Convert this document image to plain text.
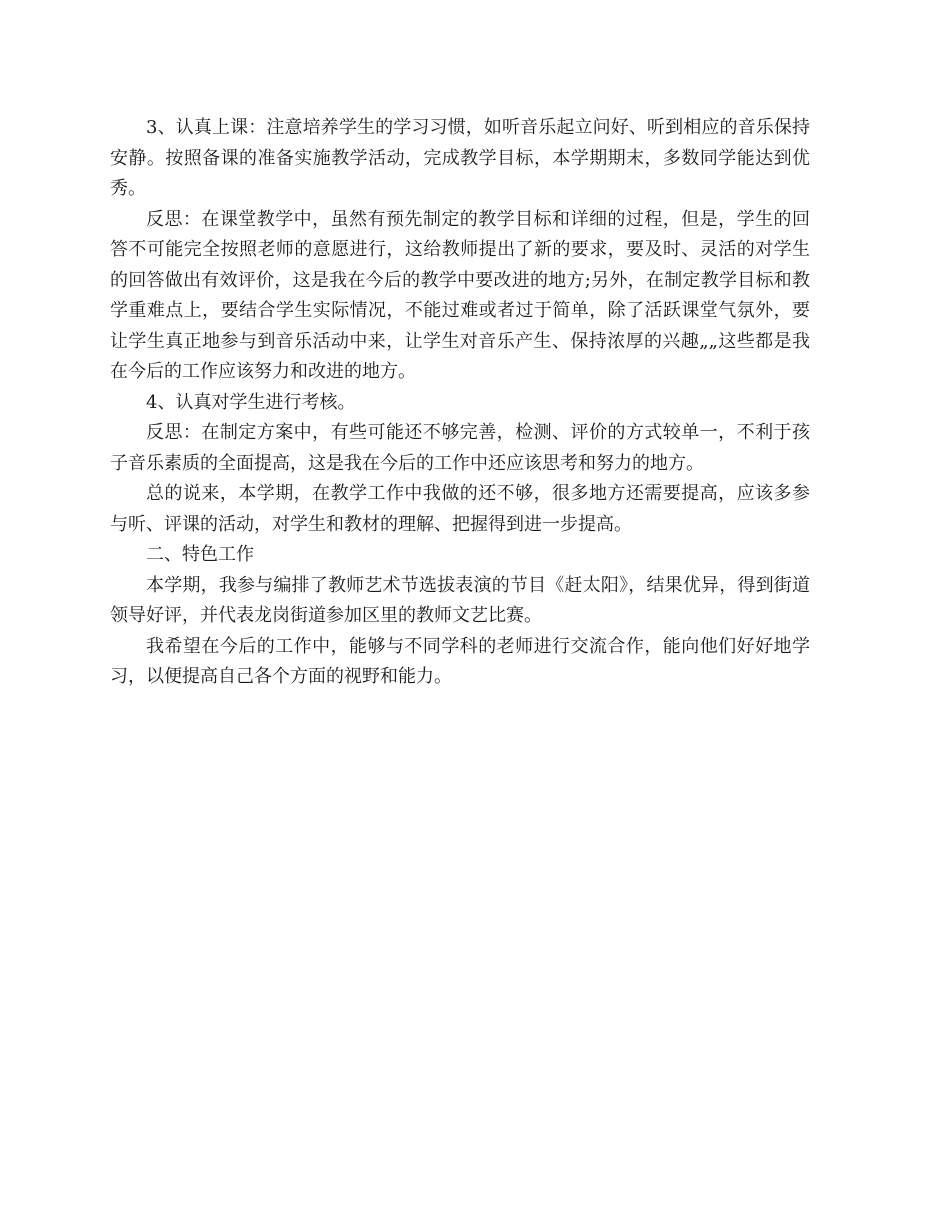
3、认真上课：注意培养学生的学习习惯，如听音乐起立问好、听到相应的音乐保持安静。按照备课的准备实施教学活动，完成教学目标，本学期期末，多数同学能达到优秀。

反思：在课堂教学中，虽然有预先制定的教学目标和详细的过程，但是，学生的回答不可能完全按照老师的意愿进行，这给教师提出了新的要求，要及时、灵活的对学生的回答做出有效评价，这是我在今后的教学中要改进的地方;另外，在制定教学目标和教学重难点上，要结合学生实际情况，不能过难或者过于简单，除了活跃课堂气氛外，要让学生真正地参与到音乐活动中来，让学生对音乐产生、保持浓厚的兴趣„„这些都是我在今后的工作应该努力和改进的地方。

4、认真对学生进行考核。

反思：在制定方案中，有些可能还不够完善，检测、评价的方式较单一，不利于孩子音乐素质的全面提高，这是我在今后的工作中还应该思考和努力的地方。

总的说来，本学期，在教学工作中我做的还不够，很多地方还需要提高，应该多参与听、评课的活动，对学生和教材的理解、把握得到进一步提高。

二、特色工作

本学期，我参与编排了教师艺术节选拔表演的节目《赶太阳》，结果优异，得到街道领导好评，并代表龙岗街道参加区里的教师文艺比赛。

我希望在今后的工作中，能够与不同学科的老师进行交流合作，能向他们好好地学习，以便提高自己各个方面的视野和能力。
